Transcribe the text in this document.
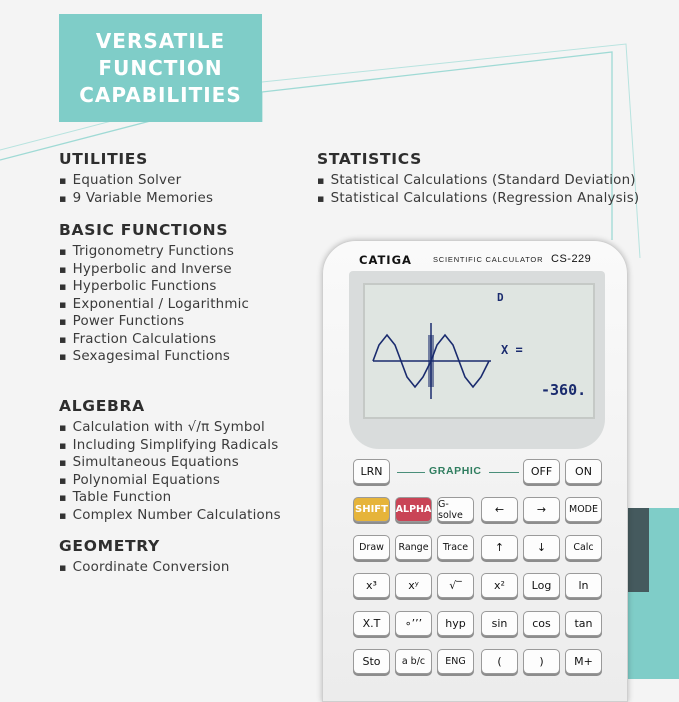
VERSATILE
FUNCTION
CAPABILITIES
UTILITIES
▪ Equation Solver
▪ 9 Variable Memories
BASIC FUNCTIONS
▪ Trigonometry Functions
▪ Hyperbolic and Inverse
▪ Hyperbolic Functions
▪ Exponential / Logarithmic
▪ Power Functions
▪ Fraction Calculations
▪ Sexagesimal Functions
ALGEBRA
▪ Calculation with √/π Symbol
▪ Including Simplifying Radicals
▪ Simultaneous Equations
▪ Polynomial Equations
▪ Table Function
▪ Complex Number Calculations
GEOMETRY
▪ Coordinate Conversion
STATISTICS
▪ Statistical Calculations (Standard Deviation)
▪ Statistical Calculations (Regression Analysis)
CATIGA	SCIENTIFIC CALCULATOR CS-229
D
X =
-360.
GRAPHIC
LRN	OFF	ON
SHIFT ALPHA G-solve	←	→	MODE
Draw	Range	Trace	↑	↓	Calc
x³	xʸ	√‾	x²	Log	ln
X.T	∘’’’	hyp	sin	cos	tan
Sto	a b/c	ENG	(	)	M+
